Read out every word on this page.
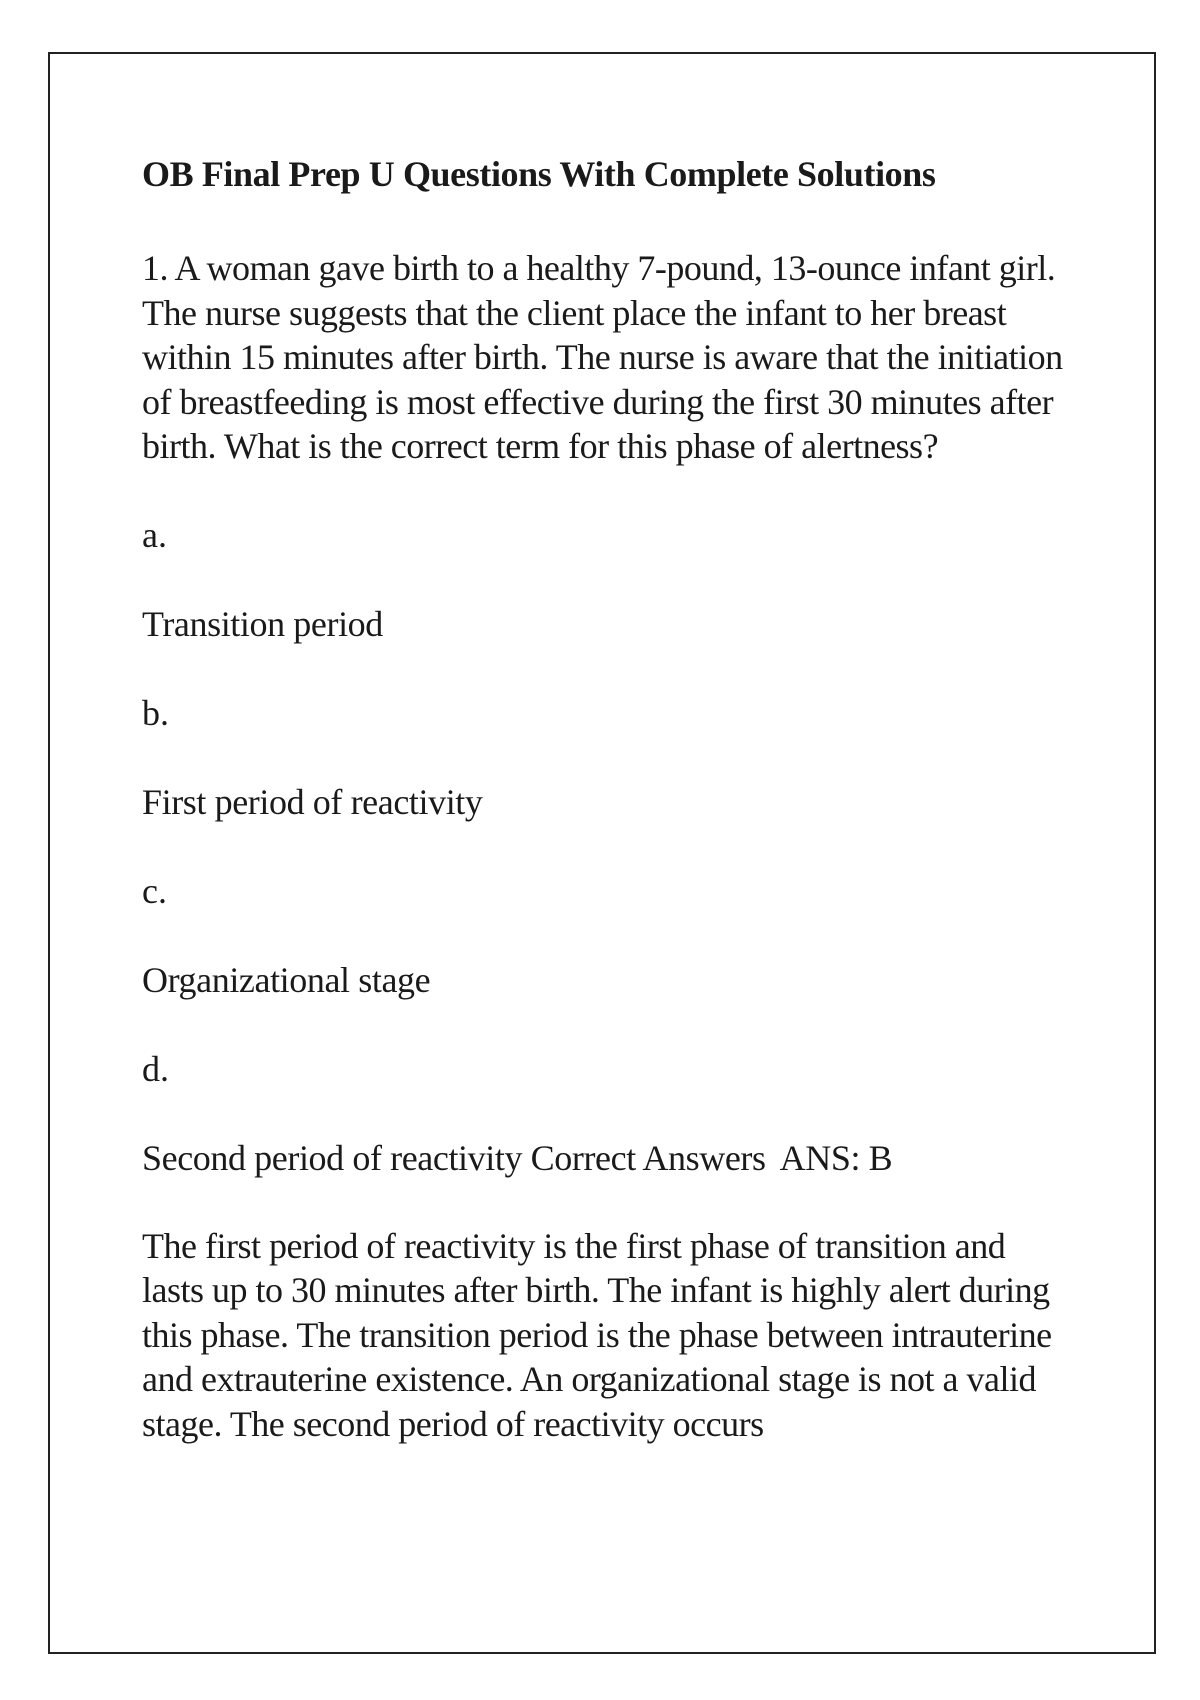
OB Final Prep U Questions With Complete Solutions

1. A woman gave birth to a healthy 7-pound, 13-ounce infant girl. The nurse suggests that the client place the infant to her breast within 15 minutes after birth. The nurse is aware that the initiation of breastfeeding is most effective during the first 30 minutes after birth. What is the correct term for this phase of alertness?

a.

Transition period

b.

First period of reactivity

c.

Organizational stage

d.

Second period of reactivity Correct Answers ANS: B

The first period of reactivity is the first phase of transition and lasts up to 30 minutes after birth. The infant is highly alert during this phase. The transition period is the phase between intrauterine and extrauterine existence. An organizational stage is not a valid stage. The second period of reactivity occurs
